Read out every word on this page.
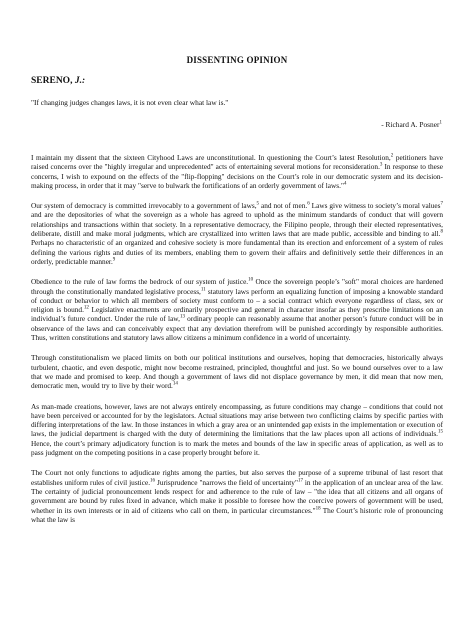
DISSENTING OPINION
SERENO, J.:
"If changing judges changes laws, it is not even clear what law is."
- Richard A. Posner$^1$

I maintain my dissent that the sixteen Cityhood Laws are unconstitutional. In questioning the Court’s latest Resolution,$^2$ petitioners have raised concerns over the "highly irregular and unprecedented" acts of entertaining several motions for reconsideration.$^3$ In response to these concerns, I wish to expound on the effects of the "flip-flopping" decisions on the Court’s role in our democratic system and its decision-making process, in order that it may "serve to bulwark the fortifications of an orderly government of laws."$^4$

Our system of democracy is committed irrevocably to a government of laws,$^5$ and not of men.$^6$ Laws give witness to society’s moral values$^7$ and are the depositories of what the sovereign as a whole has agreed to uphold as the minimum standards of conduct that will govern relationships and transactions within that society. In a representative democracy, the Filipino people, through their elected representatives, deliberate, distill and make moral judgments, which are crystallized into written laws that are made public, accessible and binding to all.$^8$ Perhaps no characteristic of an organized and cohesive society is more fundamental than its erection and enforcement of a system of rules defining the various rights and duties of its members, enabling them to govern their affairs and definitively settle their differences in an orderly, predictable manner.$^9$

Obedience to the rule of law forms the bedrock of our system of justice.$^{10}$ Once the sovereign people’s "soft" moral choices are hardened through the constitutionally mandated legislative process,$^{11}$ statutory laws perform an equalizing function of imposing a knowable standard of conduct or behavior to which all members of society must conform to – a social contract which everyone regardless of class, sex or religion is bound.$^{12}$ Legislative enactments are ordinarily prospective and general in character insofar as they prescribe limitations on an individual’s future conduct. Under the rule of law,$^{13}$ ordinary people can reasonably assume that another person’s future conduct will be in observance of the laws and can conceivably expect that any deviation therefrom will be punished accordingly by responsible authorities. Thus, written constitutions and statutory laws allow citizens a minimum confidence in a world of uncertainty.

Through constitutionalism we placed limits on both our political institutions and ourselves, hoping that democracies, historically always turbulent, chaotic, and even despotic, might now become restrained, principled, thoughtful and just. So we bound ourselves over to a law that we made and promised to keep. And though a government of laws did not displace governance by men, it did mean that now men, democratic men, would try to live by their word.$^{14}$

As man-made creations, however, laws are not always entirely encompassing, as future conditions may change – conditions that could not have been perceived or accounted for by the legislators. Actual situations may arise between two conflicting claims by specific parties with differing interpretations of the law. In those instances in which a gray area or an unintended gap exists in the implementation or execution of laws, the judicial department is charged with the duty of determining the limitations that the law places upon all actions of individuals.$^{15}$ Hence, the court’s primary adjudicatory function is to mark the metes and bounds of the law in specific areas of application, as well as to pass judgment on the competing positions in a case properly brought before it.

The Court not only functions to adjudicate rights among the parties, but also serves the purpose of a supreme tribunal of last resort that establishes uniform rules of civil justice.$^{16}$ Jurisprudence "narrows the field of uncertainty"$^{17}$ in the application of an unclear area of the law. The certainty of judicial pronouncement lends respect for and adherence to the rule of law – "the idea that all citizens and all organs of government are bound by rules fixed in advance, which make it possible to foresee how the coercive powers of government will be used, whether in its own interests or in aid of citizens who call on them, in particular circumstances."$^{18}$ The Court’s historic role of pronouncing what the law is
